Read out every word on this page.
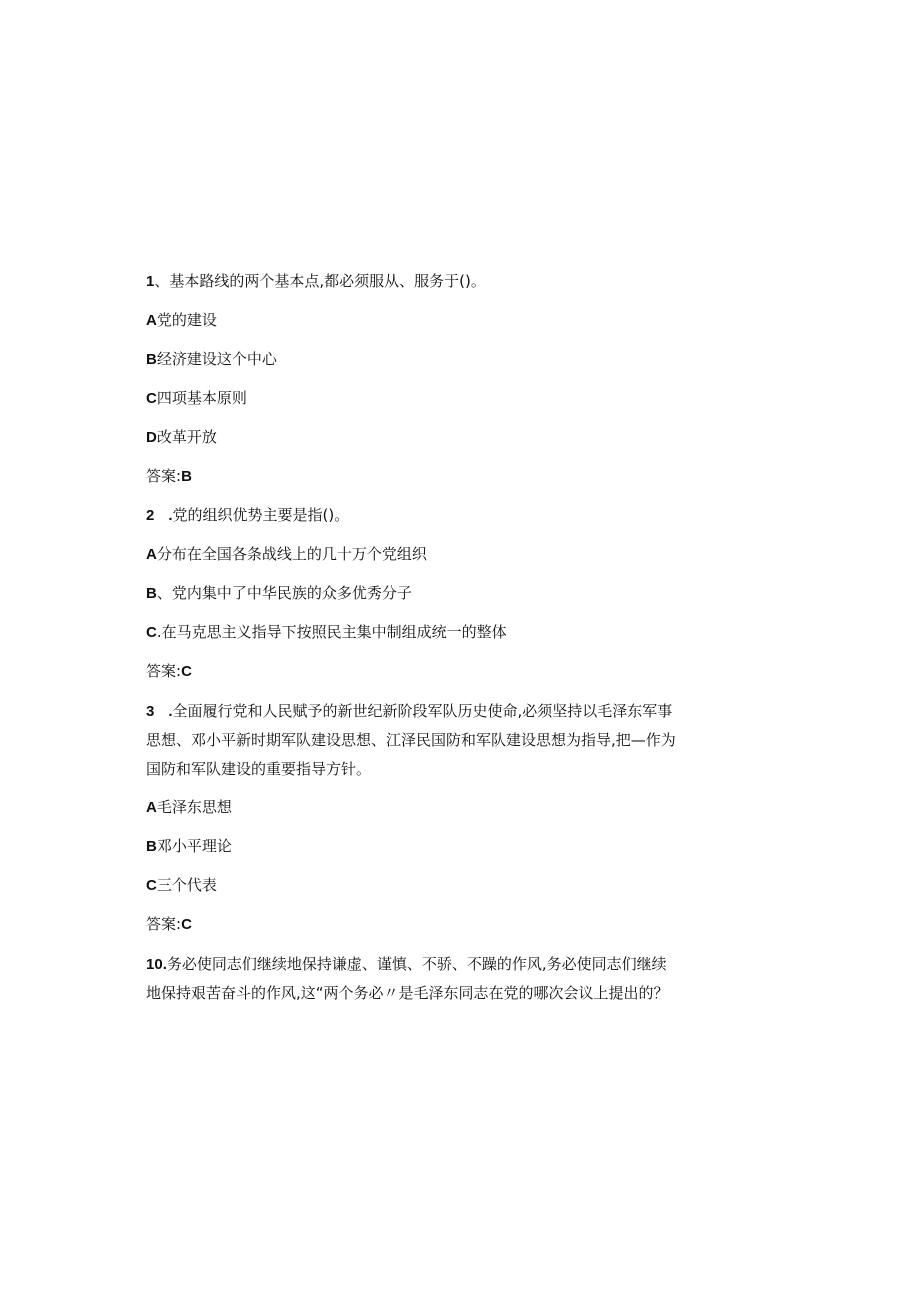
1、基本路线的两个基本点,都必须服从、服务于()。
A党的建设
B经济建设这个中心
C四项基本原则
D改革开放
答案:B
2 .党的组织优势主要是指()。
A分布在全国各条战线上的几十万个党组织
B、党内集中了中华民族的众多优秀分子
C.在马克思主义指导下按照民主集中制组成统一的整体
答案:C
3 .全面履行党和人民赋予的新世纪新阶段军队历史使命,必须坚持以毛泽东军事
思想、邓小平新时期军队建设思想、江泽民国防和军队建设思想为指导,把—作为
国防和军队建设的重要指导方针。
A毛泽东思想
B邓小平理论
C三个代表
答案:C
10.务必使同志们继续地保持谦虚、谨慎、不骄、不躁的作风,务必使同志们继续
地保持艰苦奋斗的作风,这“两个务必〃是毛泽东同志在党的哪次会议上提出的？
